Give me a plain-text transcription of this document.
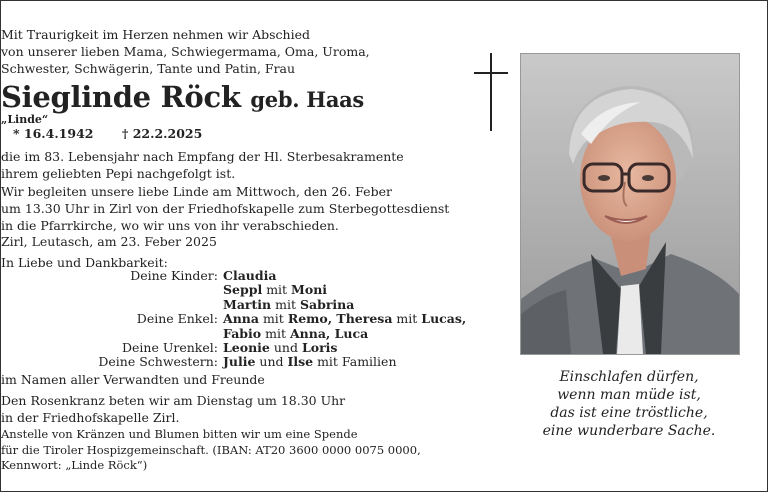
Mit Traurigkeit im Herzen nehmen wir Abschied
von unserer lieben Mama, Schwiegermama, Oma, Uroma,
Schwester, Schwägerin, Tante und Patin, Frau
Sieglinde Röck geb. Haas
„Linde“
* 16.4.1942 † 22.2.2025
die im 83. Lebensjahr nach Empfang der Hl. Sterbesakramente
ihrem geliebten Pepi nachgefolgt ist.
Wir begleiten unsere liebe Linde am Mittwoch, den 26. Feber
um 13.30 Uhr in Zirl von der Friedhofskapelle zum Sterbegottesdienst
in die Pfarrkirche, wo wir uns von ihr verabschieden.
Zirl, Leutasch, am 23. Feber 2025
In Liebe und Dankbarkeit:
Deine Kinder: Claudia
Seppl mit Moni
Martin mit Sabrina
Deine Enkel: Anna mit Remo, Theresa mit Lucas,
Fabio mit Anna, Luca
Deine Urenkel: Leonie und Loris
Deine Schwestern: Julie und Ilse mit Familien
im Namen aller Verwandten und Freunde
Den Rosenkranz beten wir am Dienstag um 18.30 Uhr
in der Friedhofskapelle Zirl.
Anstelle von Kränzen und Blumen bitten wir um eine Spende
für die Tiroler Hospizgemeinschaft. (IBAN: AT20 3600 0000 0075 0000,
Kennwort: „Linde Röck“)
Einschlafen dürfen,
wenn man müde ist,
das ist eine tröstliche,
eine wunderbare Sache.
